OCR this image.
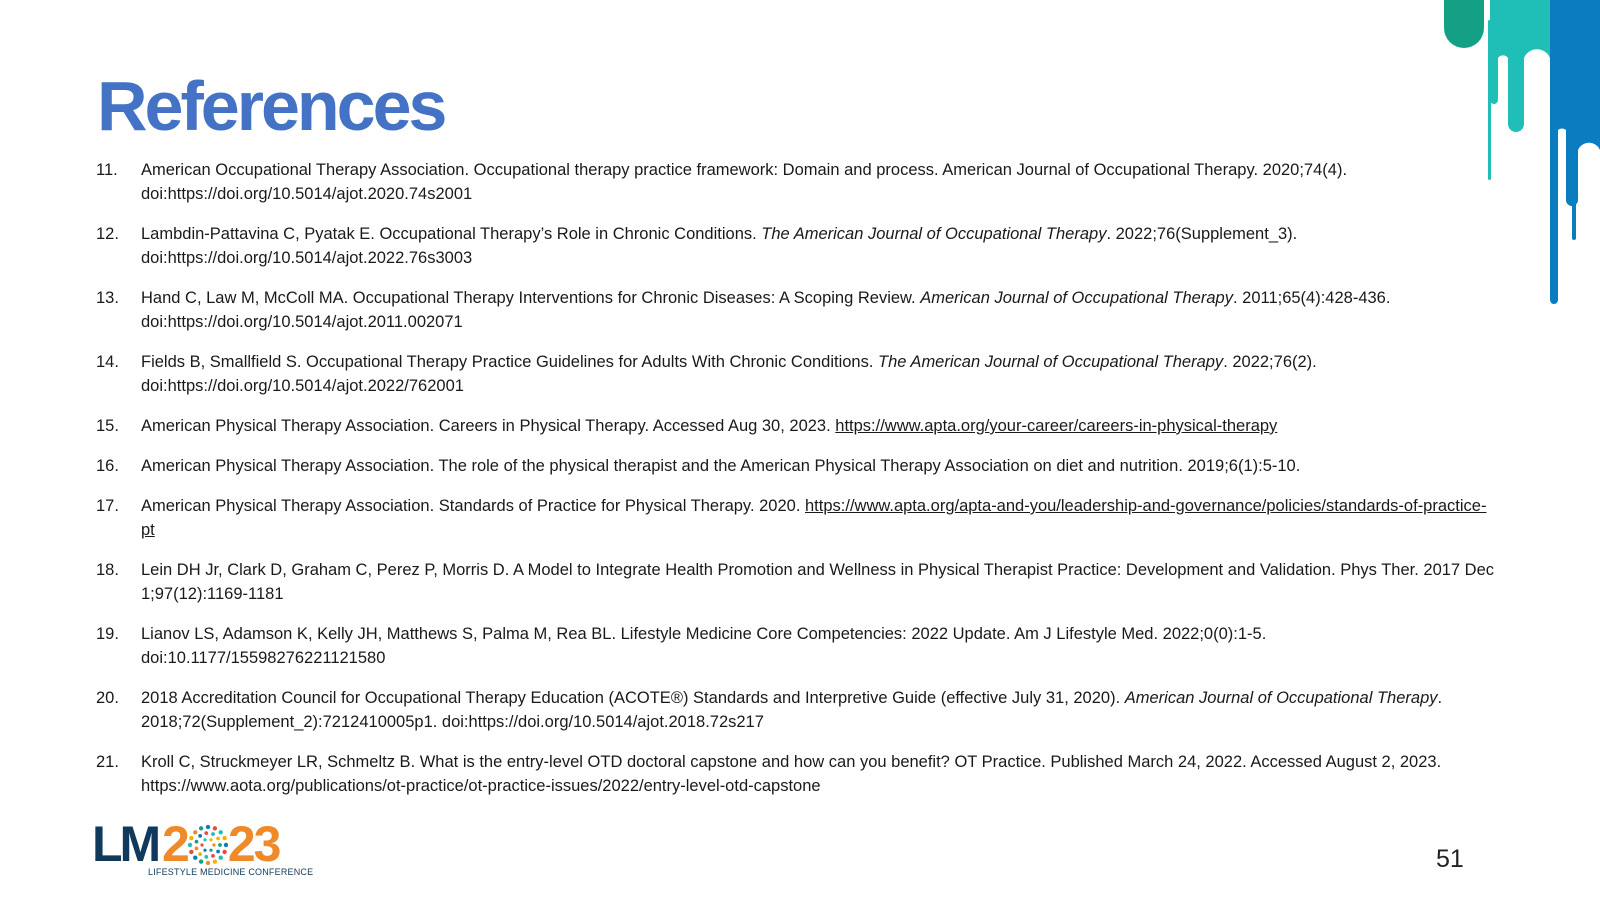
References
11.	American Occupational Therapy Association. Occupational therapy practice framework: Domain and process. American Journal of Occupational Therapy. 2020;74(4). doi:https://doi.org/10.5014/ajot.2020.74s2001
12.	Lambdin-Pattavina C, Pyatak E. Occupational Therapy’s Role in Chronic Conditions. The American Journal of Occupational Therapy. 2022;76(Supplement_3). doi:https://doi.org/10.5014/ajot.2022.76s3003
13.	Hand C, Law M, McColl MA. Occupational Therapy Interventions for Chronic Diseases: A Scoping Review. American Journal of Occupational Therapy. 2011;65(4):428-436. doi:https://doi.org/10.5014/ajot.2011.002071
14.	Fields B, Smallfield S. Occupational Therapy Practice Guidelines for Adults With Chronic Conditions. The American Journal of Occupational Therapy. 2022;76(2). doi:https://doi.org/10.5014/ajot.2022/762001
15.	American Physical Therapy Association. Careers in Physical Therapy. Accessed Aug 30, 2023. https://www.apta.org/your-career/careers-in-physical-therapy
16.	American Physical Therapy Association. The role of the physical therapist and the American Physical Therapy Association on diet and nutrition. 2019;6(1):5-10.
17.	American Physical Therapy Association. Standards of Practice for Physical Therapy. 2020. https://www.apta.org/apta-and-you/leadership-and-governance/policies/standards-of-practice-pt
18.	Lein DH Jr, Clark D, Graham C, Perez P, Morris D. A Model to Integrate Health Promotion and Wellness in Physical Therapist Practice: Development and Validation. Phys Ther. 2017 Dec 1;97(12):1169-1181
19.	Lianov LS, Adamson K, Kelly JH, Matthews S, Palma M, Rea BL. Lifestyle Medicine Core Competencies: 2022 Update. Am J Lifestyle Med. 2022;0(0):1-5. doi:10.1177/15598276221121580
20.	2018 Accreditation Council for Occupational Therapy Education (ACOTE®) Standards and Interpretive Guide (effective July 31, 2020). American Journal of Occupational Therapy. 2018;72(Supplement_2):7212410005p1. doi:https://doi.org/10.5014/ajot.2018.72s217
21.	Kroll C, Struckmeyer LR, Schmeltz B. What is the entry-level OTD doctoral capstone and how can you benefit? OT Practice. Published March 24, 2022. Accessed August 2, 2023. https://www.aota.org/publications/ot-practice/ot-practice-issues/2022/entry-level-otd-capstone
LM 2 23
LIFESTYLE MEDICINE CONFERENCE	51
